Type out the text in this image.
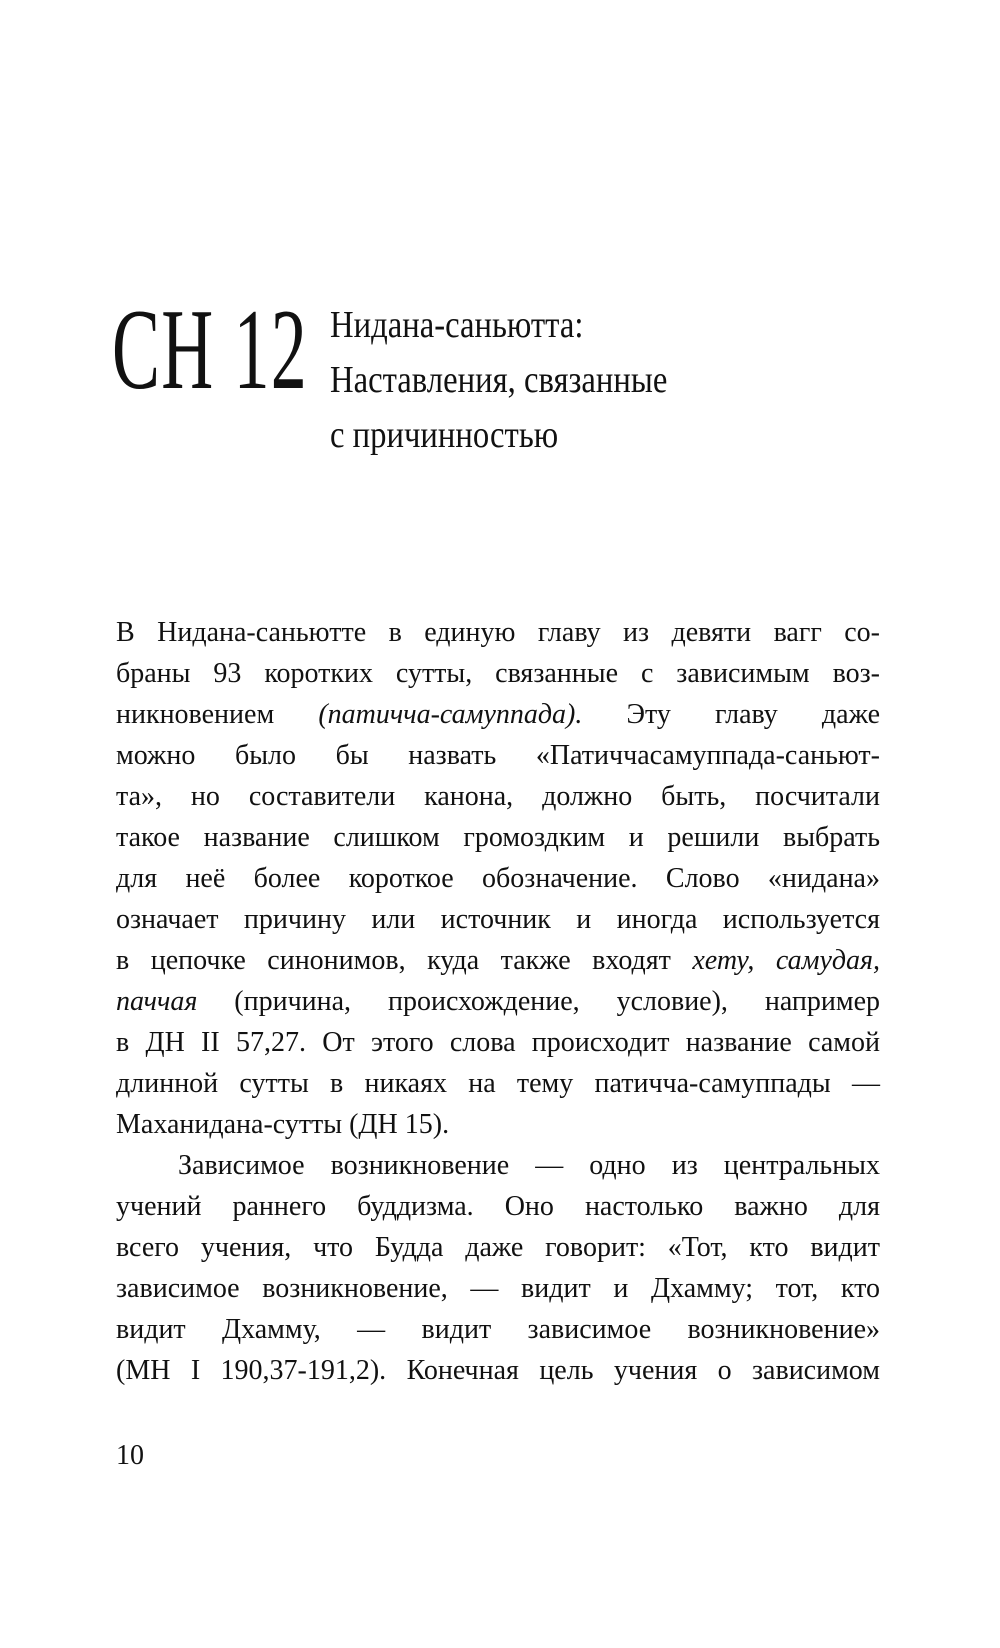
СН 12 Нидана-саньютта:
Наставления, связанные
с причинностью
В Нидана-саньютте в единую главу из девяти вагг со-
браны 93 коротких сутты, связанные с зависимым воз-
никновением (патичча-самуппада). Эту главу даже
можно было бы назвать «Патиччасамуппада-саньют-
та», но составители канона, должно быть, посчитали
такое название слишком громоздким и решили выбрать
для неё более короткое обозначение. Слово «нидана»
означает причину или источник и иногда используется
в цепочке синонимов, куда также входят хету, самудая,
паччая (причина, происхождение, условие), например
в ДН II 57,27. От этого слова происходит название самой
длинной сутты в никаях на тему патичча-самуппады —
Маханидана-сутты (ДН 15).
Зависимое возникновение — одно из центральных
учений раннего буддизма. Оно настолько важно для
всего учения, что Будда даже говорит: «Тот, кто видит
зависимое возникновение, — видит и Дхамму; тот, кто
видит Дхамму, — видит зависимое возникновение»
(МН I 190,37-191,2). Конечная цель учения о зависимом
10
